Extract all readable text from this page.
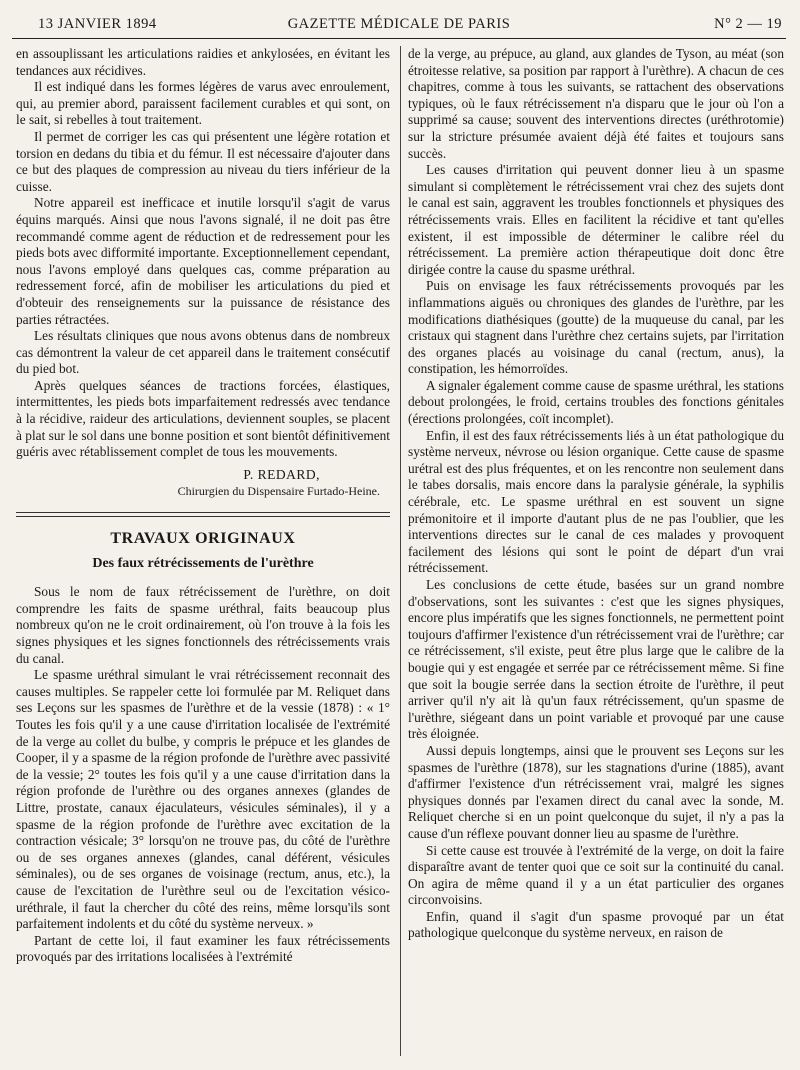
13 JANVIER 1894	GAZETTE MÉDICALE DE PARIS	N° 2 — 19

en assouplissant les articulations raidies et ankylosées, en évitant les tendances aux récidives.

Il est indiqué dans les formes légères de varus avec enroulement, qui, au premier abord, paraissent facilement curables et qui sont, on le sait, si rebelles à tout traitement.

Il permet de corriger les cas qui présentent une légère rotation et torsion en dedans du tibia et du fémur. Il est nécessaire d'ajouter dans ce but des plaques de compression au niveau du tiers inférieur de la cuisse.

Notre appareil est inefficace et inutile lorsqu'il s'agit de varus équins marqués. Ainsi que nous l'avons signalé, il ne doit pas être recommandé comme agent de réduction et de redressement pour les pieds bots avec difformité importante. Exceptionnellement cependant, nous l'avons employé dans quelques cas, comme préparation au redressement forcé, afin de mobiliser les articulations du pied et d'obteuir des renseignements sur la puissance de résistance des parties rétractées.

Les résultats cliniques que nous avons obtenus dans de nombreux cas démontrent la valeur de cet appareil dans le traitement consécutif du pied bot.

Après quelques séances de tractions forcées, élastiques, intermittentes, les pieds bots imparfaitement redressés avec tendance à la récidive, raideur des articulations, deviennent souples, se placent à plat sur le sol dans une bonne position et sont bientôt définitivement guéris avec rétablissement complet de tous les mouvements.

P. REDARD,
Chirurgien du Dispensaire Furtado-Heine.
TRAVAUX ORIGINAUX
Des faux rétrécissements de l'urèthre

Sous le nom de faux rétrécissement de l'urèthre, on doit comprendre les faits de spasme uréthral, faits beaucoup plus nombreux qu'on ne le croit ordinairement, où l'on trouve à la fois les signes physiques et les signes fonctionnels des rétrécissements vrais du canal.

Le spasme uréthral simulant le vrai rétrécissement reconnait des causes multiples. Se rappeler cette loi formulée par M. Reliquet dans ses Leçons sur les spasmes de l'urèthre et de la vessie (1878) : « 1° Toutes les fois qu'il y a une cause d'irritation localisée de l'extrémité de la verge au collet du bulbe, y compris le prépuce et les glandes de Cooper, il y a spasme de la région profonde de l'urèthre avec passivité de la vessie; 2° toutes les fois qu'il y a une cause d'irritation dans la région profonde de l'urèthre ou des organes annexes (glandes de Littre, prostate, canaux éjaculateurs, vésicules séminales), il y a spasme de la région profonde de l'urèthre avec excitation de la contraction vésicale; 3° lorsqu'on ne trouve pas, du côté de l'urèthre ou de ses organes annexes (glandes, canal déférent, vésicules séminales), ou de ses organes de voisinage (rectum, anus, etc.), la cause de l'excitation de l'urèthre seul ou de l'excitation vésico-uréthrale, il faut la chercher du côté des reins, même lorsqu'ils sont parfaitement indolents et du côté du système nerveux. »

Partant de cette loi, il faut examiner les faux rétrécissements provoqués par des irritations localisées à l'extrémité

de la verge, au prépuce, au gland, aux glandes de Tyson, au méat (son étroitesse relative, sa position par rapport à l'urèthre). A chacun de ces chapitres, comme à tous les suivants, se rattachent des observations typiques, où le faux rétrécissement n'a disparu que le jour où l'on a supprimé sa cause; souvent des interventions directes (uréthrotomie) sur la stricture présumée avaient déjà été faites et toujours sans succès.

Les causes d'irritation qui peuvent donner lieu à un spasme simulant si complètement le rétrécissement vrai chez des sujets dont le canal est sain, aggravent les troubles fonctionnels et physiques des rétrécissements vrais. Elles en facilitent la récidive et tant qu'elles existent, il est impossible de déterminer le calibre réel du rétrécissement. La première action thérapeutique doit donc être dirigée contre la cause du spasme uréthral.

Puis on envisage les faux rétrécissements provoqués par les inflammations aiguës ou chroniques des glandes de l'urèthre, par les modifications diathésiques (goutte) de la muqueuse du canal, par les cristaux qui stagnent dans l'urèthre chez certains sujets, par l'irritation des organes placés au voisinage du canal (rectum, anus), la constipation, les hémorroïdes.

A signaler également comme cause de spasme uréthral, les stations debout prolongées, le froid, certains troubles des fonctions génitales (érections prolongées, coït incomplet).

Enfin, il est des faux rétrécissements liés à un état pathologique du système nerveux, névrose ou lésion organique. Cette cause de spasme urétral est des plus fréquentes, et on les rencontre non seulement dans le tabes dorsalis, mais encore dans la paralysie générale, la syphilis cérébrale, etc. Le spasme uréthral en est souvent un signe prémonitoire et il importe d'autant plus de ne pas l'oublier, que les interventions directes sur le canal de ces malades y provoquent facilement des lésions qui sont le point de départ d'un vrai rétrécissement.

Les conclusions de cette étude, basées sur un grand nombre d'observations, sont les suivantes : c'est que les signes physiques, encore plus impératifs que les signes fonctionnels, ne permettent point toujours d'affirmer l'existence d'un rétrécissement vrai de l'urèthre; car ce rétrécissement, s'il existe, peut être plus large que le calibre de la bougie qui y est engagée et serrée par ce rétrécissement même. Si fine que soit la bougie serrée dans la section étroite de l'urèthre, il peut arriver qu'il n'y ait là qu'un faux rétrécissement, qu'un spasme de l'urèthre, siégeant dans un point variable et provoqué par une cause très éloignée.

Aussi depuis longtemps, ainsi que le prouvent ses Leçons sur les spasmes de l'urèthre (1878), sur les stagnations d'urine (1885), avant d'affirmer l'existence d'un rétrécissement vrai, malgré les signes physiques donnés par l'examen direct du canal avec la sonde, M. Reliquet cherche si en un point quelconque du sujet, il n'y a pas la cause d'un réflexe pouvant donner lieu au spasme de l'urèthre.

Si cette cause est trouvée à l'extrémité de la verge, on doit la faire disparaître avant de tenter quoi que ce soit sur la continuité du canal. On agira de même quand il y a un état particulier des organes circonvoisins.

Enfin, quand il s'agit d'un spasme provoqué par un état pathologique quelconque du système nerveux, en raison de
